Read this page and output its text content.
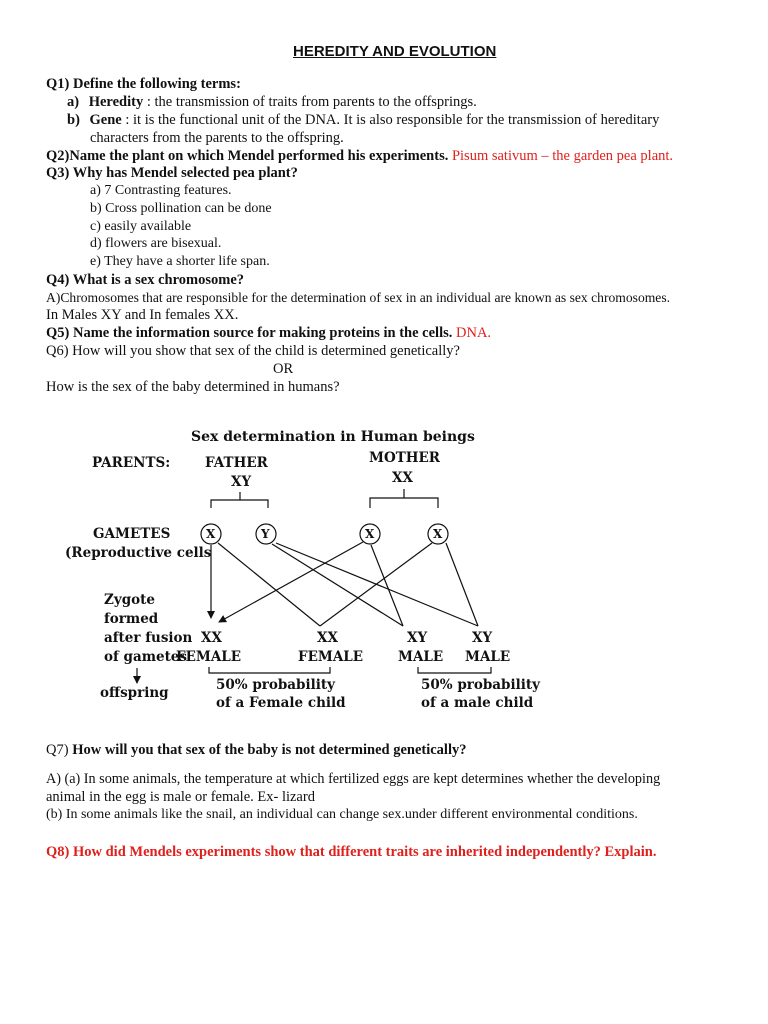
HEREDITY AND EVOLUTION
Q1) Define the following terms:
a) Heredity : the transmission of traits from parents to the offsprings.
b) Gene : it is the functional unit of the DNA. It is also responsible for the transmission of hereditary
characters from the parents to the offspring.
Q2)Name the plant on which Mendel performed his experiments. Pisum sativum – the garden pea plant.
Q3) Why has Mendel selected pea plant?
a) 7 Contrasting features.
b) Cross pollination can be done
c) easily available
d) flowers are bisexual.
e) They have a shorter life span.
Q4) What is a sex chromosome?
A)Chromosomes that are responsible for the determination of sex in an individual are known as sex chromosomes.
In Males XY and In females XX.
Q5) Name the information source for making proteins in the cells. DNA.
Q6) How will you show that sex of the child is determined genetically?
OR
How is the sex of the baby determined in humans?
Sex determination in Human beings
PARENTS:	FATHER
XY
MOTHER
XX
GAMETES
(Reproductive cells
X	Y	X	X
Zygote
formed
after fusion
of gametes
XX
FEMALE
XX
FEMALE
XY
MALE
XY
MALE
offspring	50% probability
of a Female child
50% probability
of a male child
Q7) How will you that sex of the baby is not determined genetically?
A) (a) In some animals, the temperature at which fertilized eggs are kept determines whether the developing
animal in the egg is male or female. Ex- lizard
(b) In some animals like the snail, an individual can change sex.under different environmental conditions.
Q8) How did Mendels experiments show that different traits are inherited independently? Explain.
